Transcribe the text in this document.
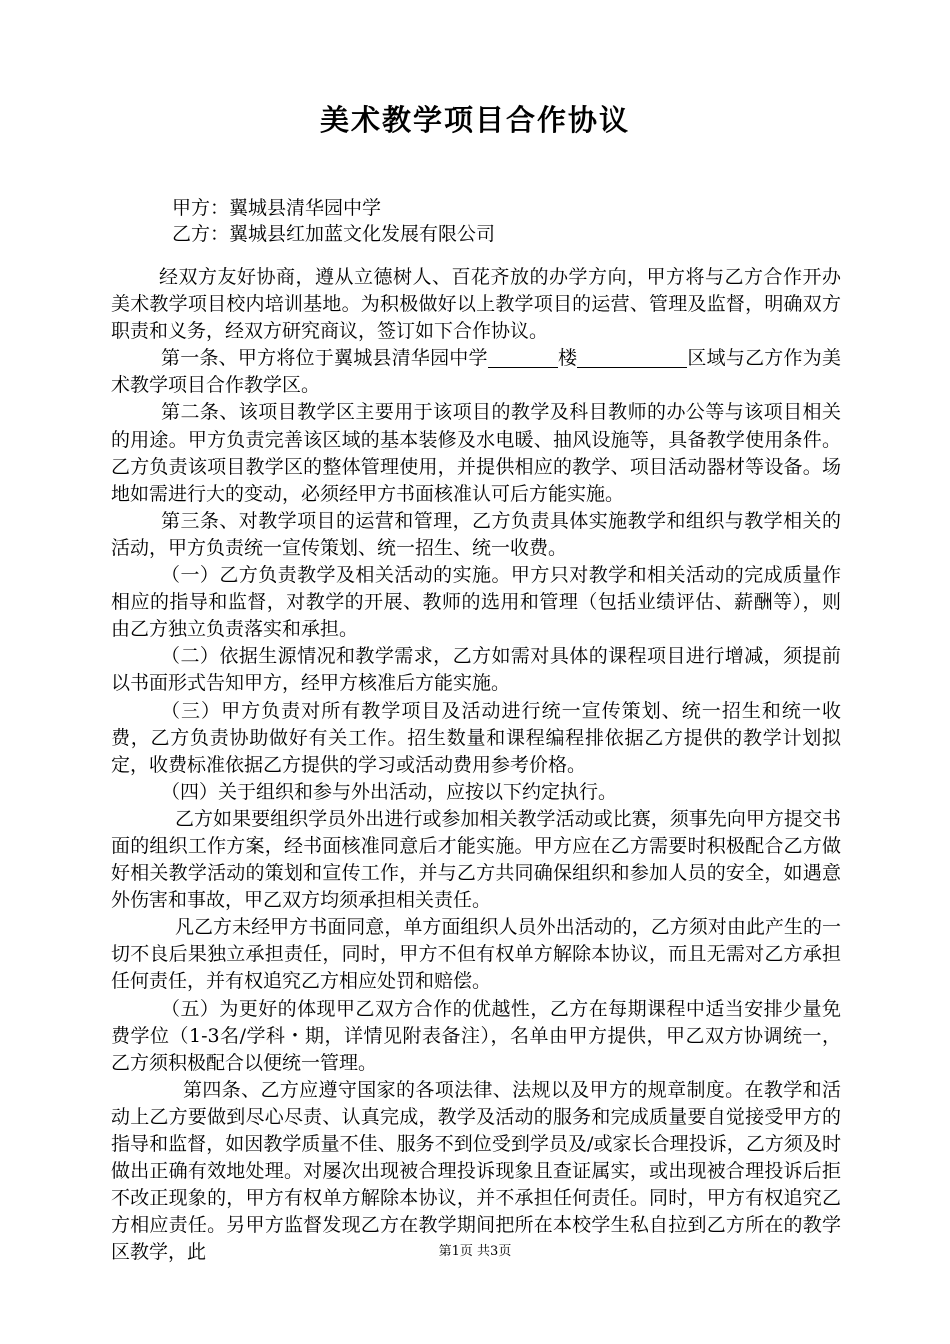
美术教学项目合作协议
甲方：翼城县清华园中学
乙方：翼城县红加蓝文化发展有限公司

经双方友好协商，遵从立德树人、百花齐放的办学方向，甲方将与乙方合作开办美术教学项目校内培训基地。为积极做好以上教学项目的运营、管理及监督，明确双方职责和义务，经双方研究商议，签订如下合作协议。

第一条、甲方将位于翼城县清华园中学	楼	区域与乙方作为美术教学项目合作教学区。

第二条、该项目教学区主要用于该项目的教学及科目教师的办公等与该项目相关的用途。甲方负责完善该区域的基本装修及水电暖、抽风设施等，具备教学使用条件。乙方负责该项目教学区的整体管理使用，并提供相应的教学、项目活动器材等设备。场地如需进行大的变动，必须经甲方书面核准认可后方能实施。

第三条、对教学项目的运营和管理，乙方负责具体实施教学和组织与教学相关的活动，甲方负责统一宣传策划、统一招生、统一收费。

（一）乙方负责教学及相关活动的实施。甲方只对教学和相关活动的完成质量作相应的指导和监督，对教学的开展、教师的选用和管理（包括业绩评估、薪酬等），则由乙方独立负责落实和承担。

（二）依据生源情况和教学需求，乙方如需对具体的课程项目进行增减，须提前以书面形式告知甲方，经甲方核准后方能实施。

（三）甲方负责对所有教学项目及活动进行统一宣传策划、统一招生和统一收费，乙方负责协助做好有关工作。招生数量和课程编程排依据乙方提供的教学计划拟定，收费标准依据乙方提供的学习或活动费用参考价格。

（四）关于组织和参与外出活动，应按以下约定执行。

乙方如果要组织学员外出进行或参加相关教学活动或比赛，须事先向甲方提交书面的组织工作方案，经书面核准同意后才能实施。甲方应在乙方需要时积极配合乙方做好相关教学活动的策划和宣传工作，并与乙方共同确保组织和参加人员的安全，如遇意外伤害和事故，甲乙双方均须承担相关责任。

凡乙方未经甲方书面同意，单方面组织人员外出活动的，乙方须对由此产生的一切不良后果独立承担责任，同时，甲方不但有权单方解除本协议，而且无需对乙方承担任何责任，并有权追究乙方相应处罚和赔偿。

（五）为更好的体现甲乙双方合作的优越性，乙方在每期课程中适当安排少量免费学位（1-3名/学科・期，详情见附表备注），名单由甲方提供，甲乙双方协调统一，乙方须积极配合以便统一管理。

第四条、乙方应遵守国家的各项法律、法规以及甲方的规章制度。在教学和活动上乙方要做到尽心尽责、认真完成，教学及活动的服务和完成质量要自觉接受甲方的指导和监督，如因教学质量不佳、服务不到位受到学员及/或家长合理投诉，乙方须及时做出正确有效地处理。对屡次出现被合理投诉现象且查证属实，或出现被合理投诉后拒不改正现象的，甲方有权单方解除本协议，并不承担任何责任。同时，甲方有权追究乙方相应责任。另甲方监督发现乙方在教学期间把所在本校学生私自拉到乙方所在的教学区教学，此	第1页 共3页
